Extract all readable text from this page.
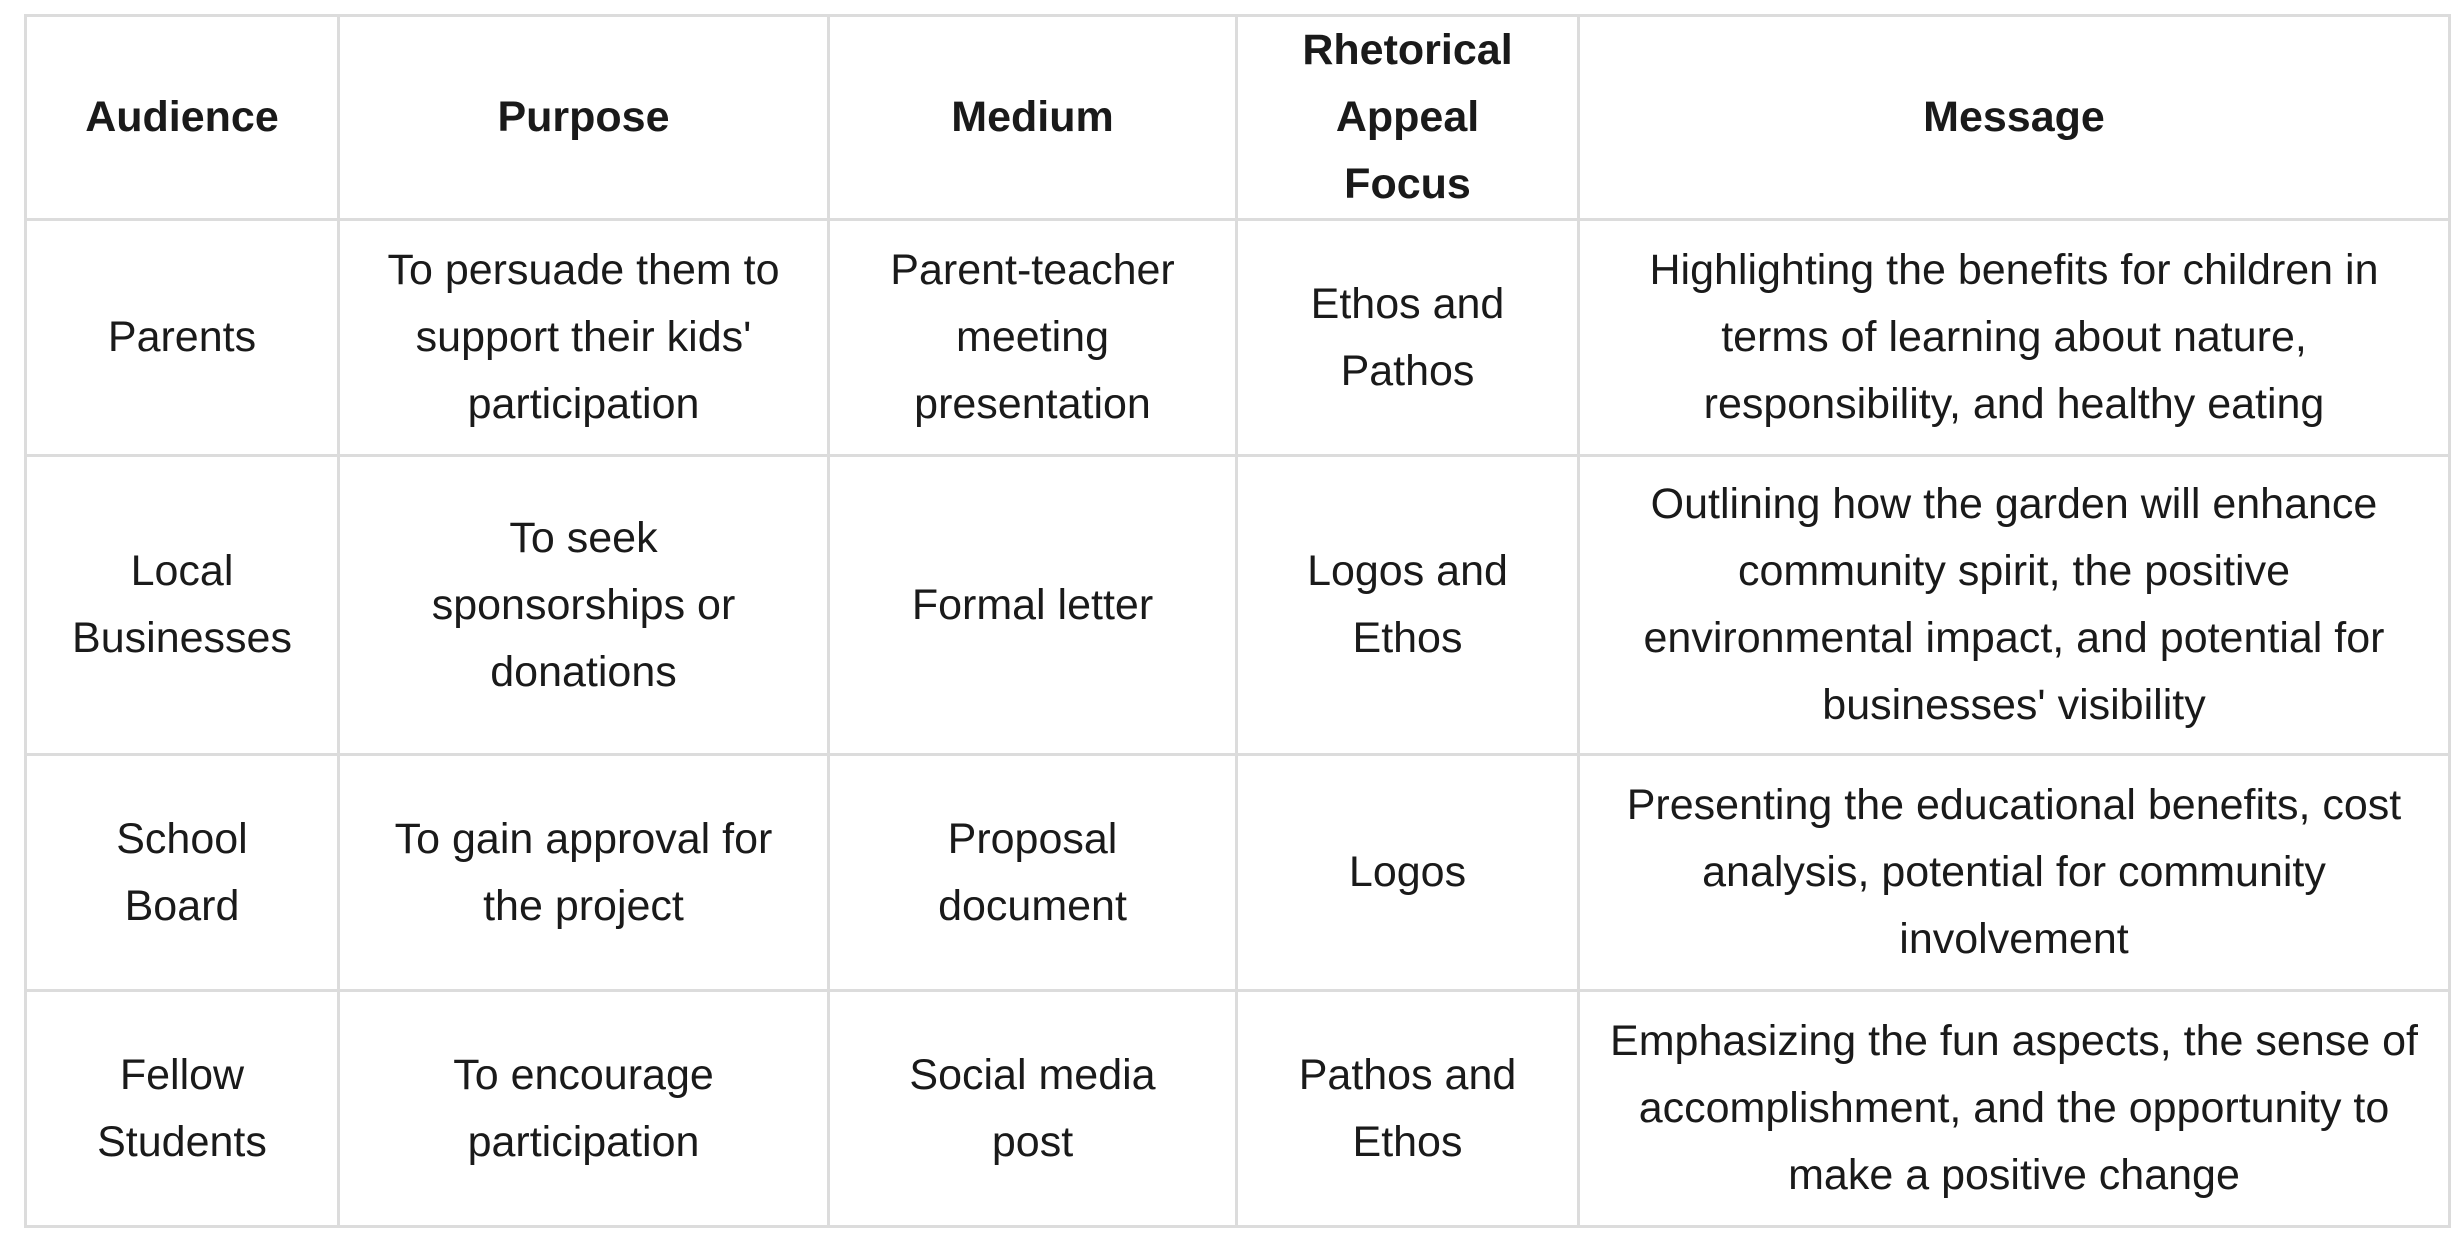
Audience	Purpose	Medium	Rhetorical Appeal Focus	Message
Parents	To persuade them to support their kids' participation	Parent-teacher meeting presentation	Ethos and Pathos	Highlighting the benefits for children in terms of learning about nature, responsibility, and healthy eating
Local Businesses	To seek sponsorships or donations	Formal letter	Logos and Ethos	Outlining how the garden will enhance community spirit, the positive environmental impact, and potential for businesses' visibility
School Board	To gain approval for the project	Proposal document	Logos	Presenting the educational benefits, cost analysis, potential for community involvement
Fellow Students	To encourage participation	Social media post	Pathos and Ethos	Emphasizing the fun aspects, the sense of accomplishment, and the opportunity to make a positive change
